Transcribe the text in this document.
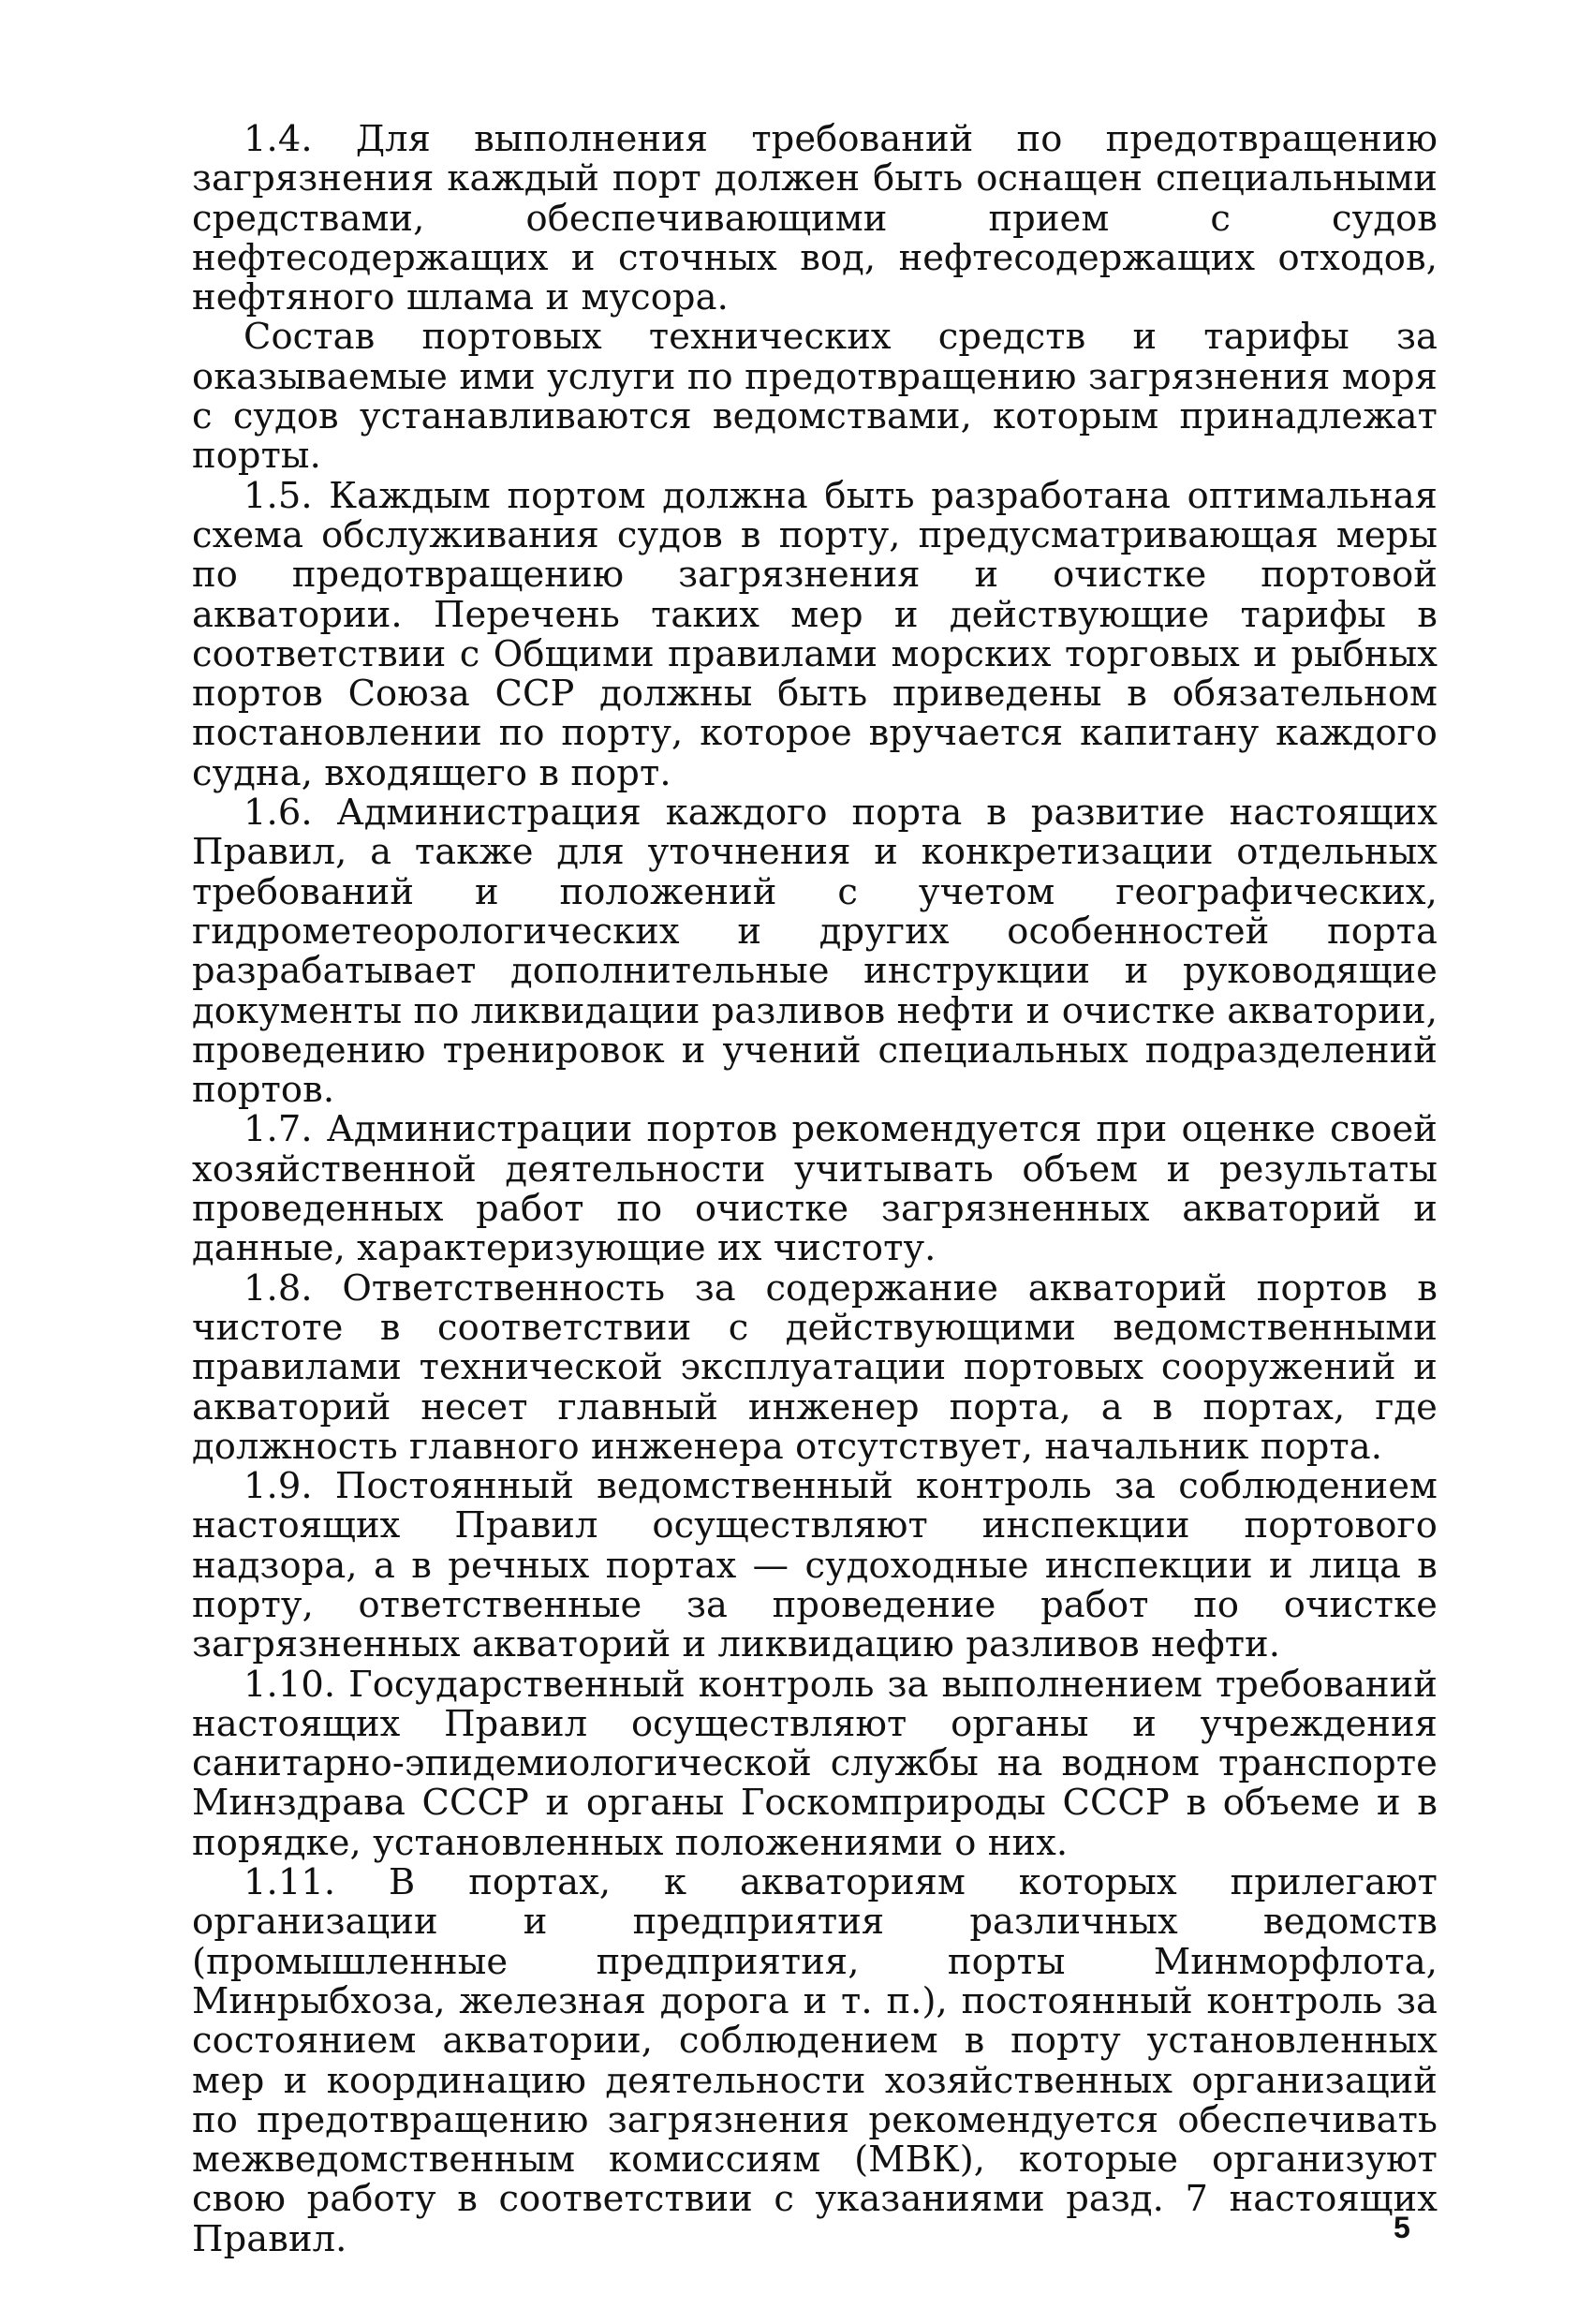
1.4. Для выполнения требований по предотвращению загрязнения каждый порт должен быть оснащен специальными средствами, обеспечивающими прием с судов нефтесодержащих и сточных вод, нефтесодержащих отходов, нефтяного шлама и мусора.

Состав портовых технических средств и тарифы за оказываемые ими услуги по предотвращению загрязнения моря с судов устанавливаются ведомствами, которым принадлежат порты.

1.5. Каждым портом должна быть разработана оптимальная схема обслуживания судов в порту, предусматривающая меры по предотвращению загрязнения и очистке портовой акватории. Перечень таких мер и действующие тарифы в соответствии с Общими правилами морских торговых и рыбных портов Союза ССР должны быть приведены в обязательном постановлении по порту, которое вручается капитану каждого судна, входящего в порт.

1.6. Администрация каждого порта в развитие настоящих Правил, а также для уточнения и конкретизации отдельных требований и положений с учетом географических, гидрометеорологических и других особенностей порта разрабатывает дополнительные инструкции и руководящие документы по ликвидации разливов нефти и очистке акватории, проведению тренировок и учений специальных подразделений портов.

1.7. Администрации портов рекомендуется при оценке своей хозяйственной деятельности учитывать объем и результаты проведенных работ по очистке загрязненных акваторий и данные, характеризующие их чистоту.

1.8. Ответственность за содержание акваторий портов в чистоте в соответствии с действующими ведомственными правилами технической эксплуатации портовых сооружений и акваторий несет главный инженер порта, а в портах, где должность главного инженера отсутствует, начальник порта.

1.9. Постоянный ведомственный контроль за соблюдением настоящих Правил осуществляют инспекции портового надзора, а в речных портах — судоходные инспекции и лица в порту, ответственные за проведение работ по очистке загрязненных акваторий и ликвидацию разливов нефти.

1.10. Государственный контроль за выполнением требований настоящих Правил осуществляют органы и учреждения санитарно-эпидемиологической службы на водном транспорте Минздрава СССР и органы Госкомприроды СССР в объеме и в порядке, установленных положениями о них.

1.11. В портах, к акваториям которых прилегают организации и предприятия различных ведомств (промышленные предприятия, порты Минморфлота, Минрыбхоза, железная дорога и т. п.), постоянный контроль за состоянием акватории, соблюдением в порту установленных мер и координацию деятельности хозяйственных организаций по предотвращению загрязнения рекомендуется обеспечивать межведомственным комиссиям (МВК), которые организуют свою работу в соответствии с указаниями разд. 7 настоящих Правил.	5
